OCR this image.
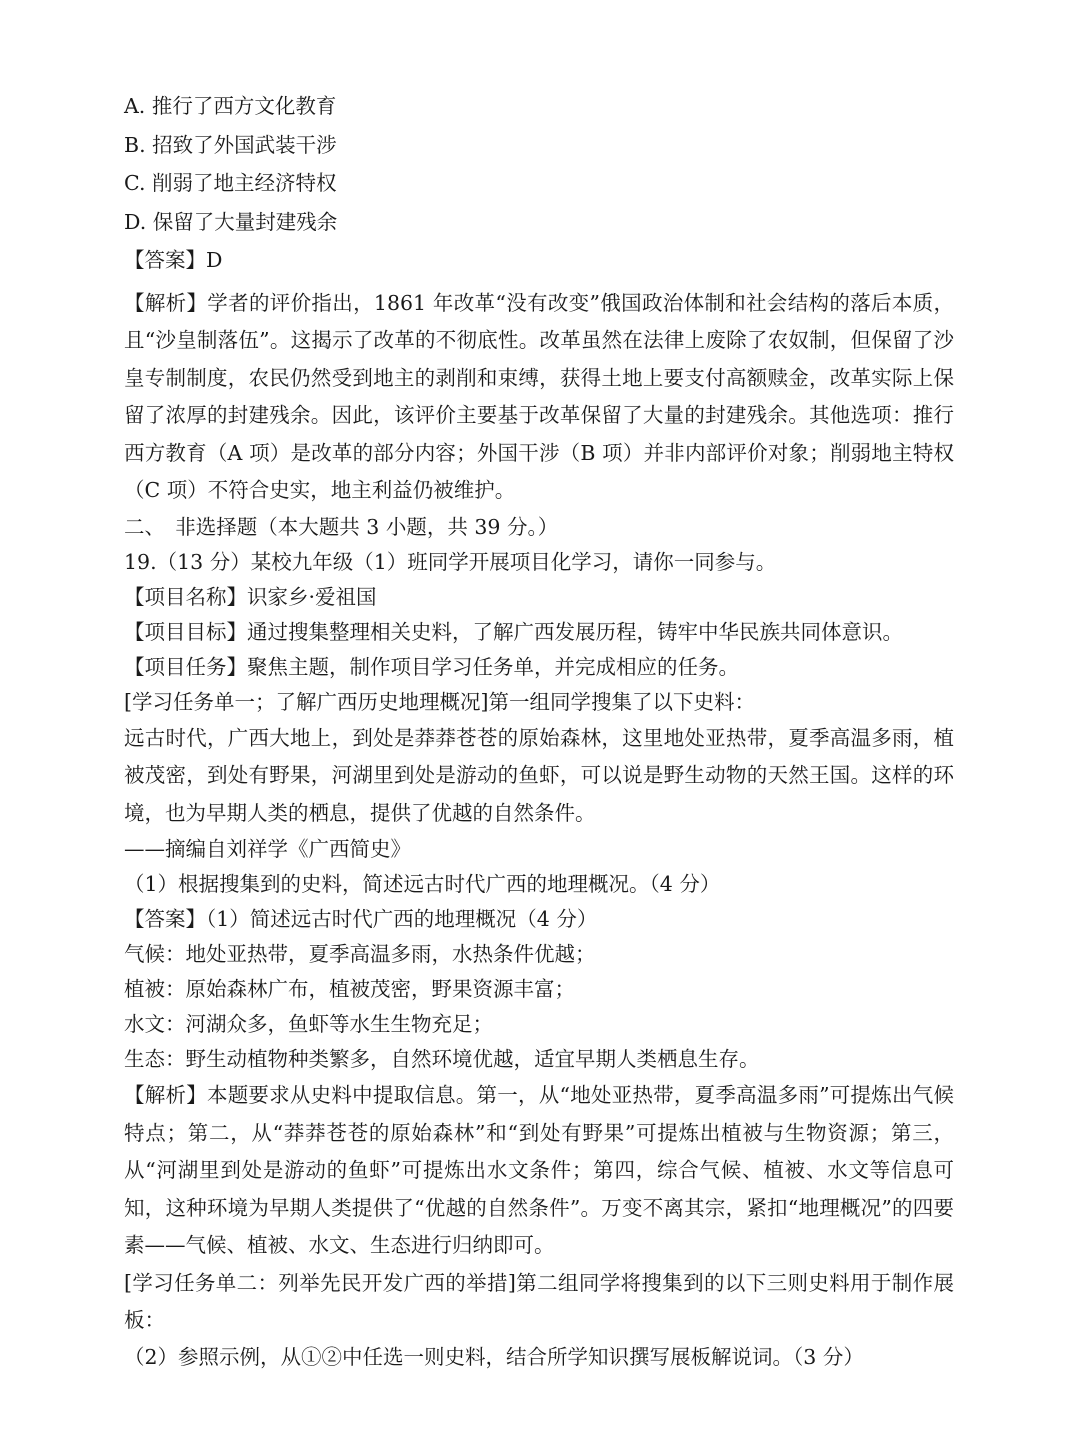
A. 推行了西方文化教育
B. 招致了外国武装干涉
C. 削弱了地主经济特权
D. 保留了大量封建残余
【答案】D
【解析】学者的评价指出，1861 年改革“没有改变”俄国政治体制和社会结构的落后本质，且“沙皇制落伍”。这揭示了改革的不彻底性。改革虽然在法律上废除了农奴制，但保留了沙皇专制制度，农民仍然受到地主的剥削和束缚，获得土地上要支付高额赎金，改革实际上保留了浓厚的封建残余。因此，该评价主要基于改革保留了大量的封建残余。其他选项：推行西方教育（A 项）是改革的部分内容；外国干涉（B 项）并非内部评价对象；削弱地主特权（C 项）不符合史实，地主利益仍被维护。
二、　非选择题（本大题共 3 小题，共 39 分。）
19.（13 分）某校九年级（1）班同学开展项目化学习，请你一同参与。
【项目名称】识家乡·爱祖国
【项目目标】通过搜集整理相关史料，了解广西发展历程，铸牢中华民族共同体意识。
【项目任务】聚焦主题，制作项目学习任务单，并完成相应的任务。
[学习任务单一；了解广西历史地理概况]第一组同学搜集了以下史料：
远古时代，广西大地上，到处是莽莽苍苍的原始森林，这里地处亚热带，夏季高温多雨，植被茂密，到处有野果，河湖里到处是游动的鱼虾，可以说是野生动物的天然王国。这样的环境，也为早期人类的栖息，提供了优越的自然条件。
——摘编自刘祥学《广西简史》
（1）根据搜集到的史料，简述远古时代广西的地理概况。（4 分）
【答案】（1）简述远古时代广西的地理概况（4 分）
气候：地处亚热带，夏季高温多雨，水热条件优越；
植被：原始森林广布，植被茂密，野果资源丰富；
水文：河湖众多，鱼虾等水生生物充足；
生态：野生动植物种类繁多，自然环境优越，适宜早期人类栖息生存。
【解析】本题要求从史料中提取信息。第一，从“地处亚热带，夏季高温多雨”可提炼出气候特点；第二，从“莽莽苍苍的原始森林”和“到处有野果”可提炼出植被与生物资源；第三，从“河湖里到处是游动的鱼虾”可提炼出水文条件；第四，综合气候、植被、水文等信息可知，这种环境为早期人类提供了“优越的自然条件”。万变不离其宗，紧扣“地理概况”的四要素——气候、植被、水文、生态进行归纳即可。
[学习任务单二：列举先民开发广西的举措]第二组同学将搜集到的以下三则史料用于制作展板：
（2）参照示例，从①②中任选一则史料，结合所学知识撰写展板解说词。（3 分）
